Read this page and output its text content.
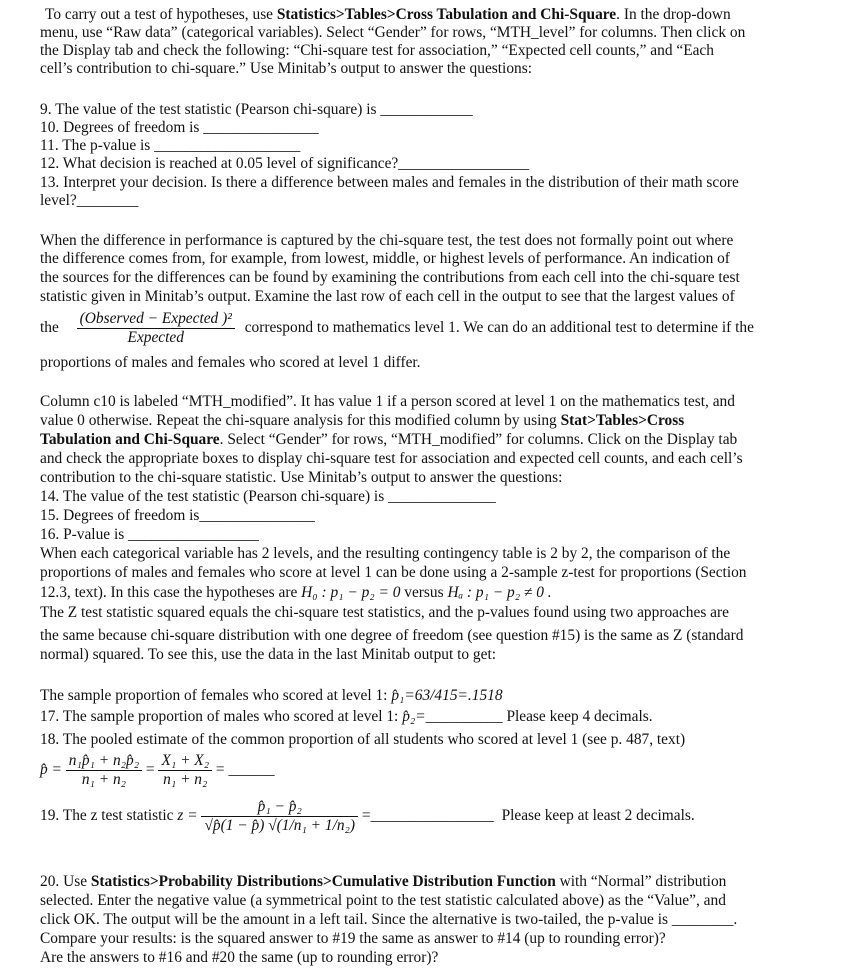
To carry out a test of hypotheses, use Statistics>Tables>Cross Tabulation and Chi-Square. In the drop-down
menu, use “Raw data” (categorical variables). Select “Gender” for rows, “MTH_level” for columns. Then click on
the Display tab and check the following: “Chi-square test for association,” “Expected cell counts,” and “Each
cell’s contribution to chi-square.” Use Minitab’s output to answer the questions:
9. The value of the test statistic (Pearson chi-square) is ____________
10. Degrees of freedom is _______________
11. The p-value is ___________________
12. What decision is reached at 0.05 level of significance?_________________
13. Interpret your decision. Is there a difference between males and females in the distribution of their math score
level?________
When the difference in performance is captured by the chi-square test, the test does not formally point out where
the difference comes from, for example, from lowest, middle, or highest levels of performance. An indication of
the sources for the differences can be found by examining the contributions from each cell into the chi-square test
statistic given in Minitab’s output. Examine the last row of each cell in the output to see that the largest values of
the $\frac{\text{(Observed − Expected )²}}{\text{Expected}}$ correspond to mathematics level 1. We can do an additional test to determine if the
proportions of males and females who scored at level 1 differ.
Column c10 is labeled “MTH_modified”. It has value 1 if a person scored at level 1 on the mathematics test, and
value 0 otherwise. Repeat the chi-square analysis for this modified column by using Stat>Tables>Cross
Tabulation and Chi-Square. Select “Gender” for rows, “MTH_modified” for columns. Click on the Display tab
and check the appropriate boxes to display chi-square test for association and expected cell counts, and each cell’s
contribution to the chi-square statistic. Use Minitab’s output to answer the questions:
14. The value of the test statistic (Pearson chi-square) is ______________
15. Degrees of freedom is_______________
16. P-value is _________________
When each categorical variable has 2 levels, and the resulting contingency table is 2 by 2, the comparison of the
proportions of males and females who score at level 1 can be done using a 2-sample z-test for proportions (Section
12.3, text). In this case the hypotheses are H₀ : p₁ − p₂ = 0 versus Hₐ : p₁ − p₂ ≠ 0 .
The Z test statistic squared equals the chi-square test statistics, and the p-values found using two approaches are
the same because chi-square distribution with one degree of freedom (see question #15) is the same as Z (standard
normal) squared. To see this, use the data in the last Minitab output to get:
The sample proportion of females who scored at level 1: p̂₁=63/415=.1518
17. The sample proportion of males who scored at level 1: p̂₂=__________ Please keep 4 decimals.
18. The pooled estimate of the common proportion of all students who scored at level 1 (see p. 487, text)
p̂ = $\frac{\text{n₁p̂₁ + n₂p̂₂}}{\text{n₁ + n₂}} = \frac{\text{X₁ + X₂}}{\text{n₁ + n₂}}$ = ______
19. The z test statistic $z = \frac{\text{p̂₁ − p̂₂}}{\text{√p̂(1 − p̂) √(1/n₁ + 1/n₂)}}$ =________________ Please keep at least 2 decimals.
20. Use Statistics>Probability Distributions>Cumulative Distribution Function with “Normal” distribution
selected. Enter the negative value (a symmetrical point to the test statistic calculated above) as the “Value”, and
click OK. The output will be the amount in a left tail. Since the alternative is two-tailed, the p-value is ________.
Compare your results: is the squared answer to #19 the same as answer to #14 (up to rounding error)?
Are the answers to #16 and #20 the same (up to rounding error)?
